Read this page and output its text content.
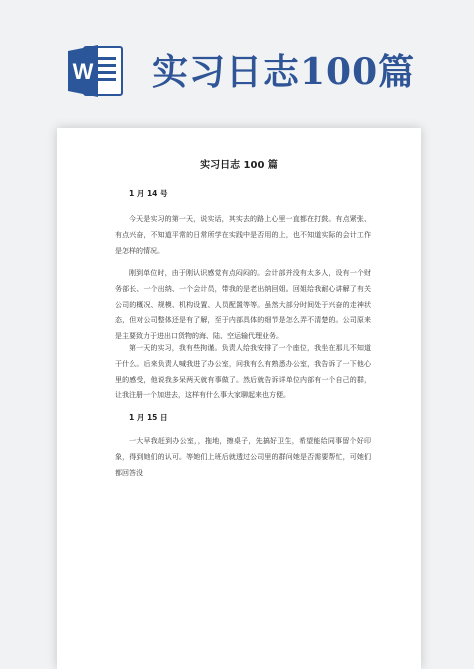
W 实习日志100篇
实习日志 100 篇
1 月 14 号

今天是实习的第一天，说实话，其实去的路上心里一直都在打鼓。有点紧张、有点兴奋，不知道平常的日常所学在实践中是否用的上，也不知道实际的会计工作是怎样的情况。

刚到单位时，由于刚认识感觉有点闷闷的。会计部并没有太多人，设有一个财务部长、一个出纳、一个会计员，带我的是老出纳回姐。回姐给我耐心讲解了有关公司的概况、规模、机构设置、人员配置等等。虽然大部分时间处于兴奋的走神状态，但对公司整体还是有了解，至于内部具体的细节是怎么弄不清楚的。公司原来是主要致力于进出口货物的海、陆、空运输代理业务。

第一天的实习，我有些拘谨。负责人给我安排了一个座位，我坐在那儿不知道干什么。后来负责人喊我进了办公室，问我有么有熟悉办公室，我告诉了一下他心里的感受，他说我多呆两天就有事做了。然后就告诉详单位内部有一个自己的群，让我注册一个加进去，这样有什么事大家聊起来也方便。

1 月 15 日

一大早我赶到办公室，，拖地，擦桌子，先搞好卫生，希望能给同事留个好印象，得到她们的认可。等她们上班后就透过公司里的群问她是否需要帮忙，可她们都回答没
